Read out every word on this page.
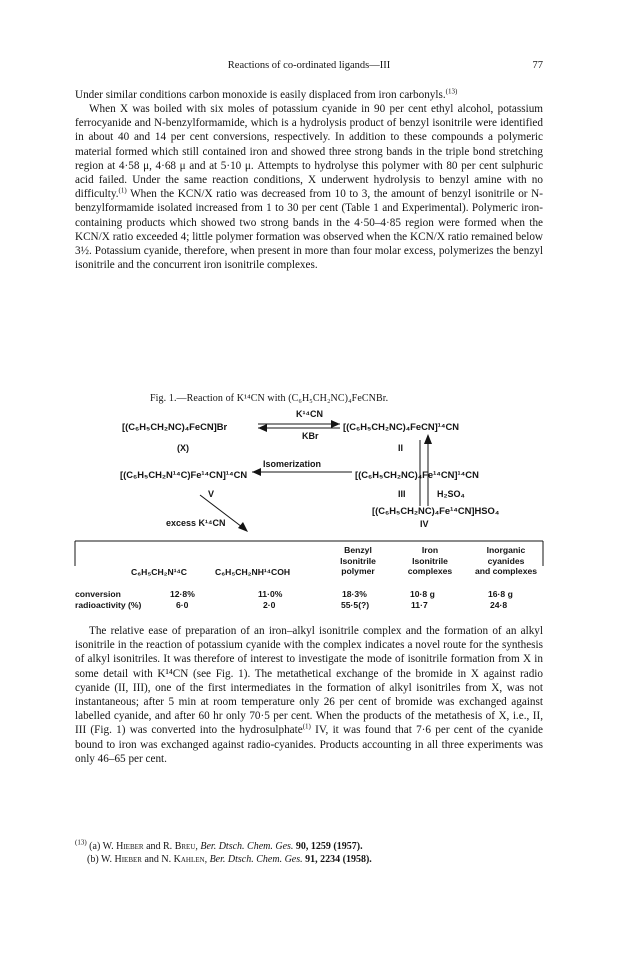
Reactions of co-ordinated ligands—III	77

Under similar conditions carbon monoxide is easily displaced from iron carbonyls.$^{(13)}$

When X was boiled with six moles of potassium cyanide in 90 per cent ethyl alcohol, potassium ferrocyanide and N-benzylformamide, which is a hydrolysis product of benzyl isonitrile were identified in about 40 and 14 per cent conversions, respectively. In addition to these compounds a polymeric material formed which still contained iron and showed three strong bands in the triple bond stretching region at 4·58 μ, 4·68 μ and at 5·10 μ. Attempts to hydrolyse this polymer with 80 per cent sulphuric acid failed. Under the same reaction conditions, X underwent hydrolysis to benzyl amine with no difficulty.$^{(1)}$ When the KCN/X ratio was decreased from 10 to 3, the amount of benzyl isonitrile or N-benzylformamide isolated increased from 1 to 30 per cent (Table 1 and Experimental). Polymeric iron-containing products which showed two strong bands in the 4·50–4·85 region were formed when the KCN/X ratio exceeded 4; little polymer formation was observed when the KCN/X ratio remained below 3½. Potassium cyanide, therefore, when present in more than four molar excess, polymerizes the benzyl isonitrile and the concurrent iron isonitrile complexes.

Fig. 1.—Reaction of K¹⁴CN with (C₆H₅CH₂NC)₄FeCNBr.
K¹⁴CN
[(C₆H₅CH₂NC)₄FeCN]Br	[(C₆H₅CH₂NC)₄FeCN]¹⁴CN
KBr
(X)	II
Isomerization
[(C₆H₅CH₂N¹⁴C)Fe¹⁴CN]¹⁴CN	[(C₆H₅CH₂NC)₄Fe¹⁴CN]¹⁴CN
V	III	H₂SO₄
[(C₆H₅CH₂NC)₄Fe¹⁴CN]HSO₄
IV
excess K¹⁴CN
C₆H₅CH₂N¹⁴C	C₆H₅CH₂NH¹⁴COH
Benzyl
Isonitrile
polymer
Iron
Isonitrile
complexes
Inorganic
cyanides
and complexes
conversion	12·8%	11·0%	18·3%	10·8 g	16·8 g
radioactivity (%)	6·0	2·0	55·5(?)	11·7	24·8

The relative ease of preparation of an iron–alkyl isonitrile complex and the formation of an alkyl isonitrile in the reaction of potassium cyanide with the complex indicates a novel route for the synthesis of alkyl isonitriles. It was therefore of interest to investigate the mode of isonitrile formation from X in some detail with K¹⁴CN (see Fig. 1). The metathetical exchange of the bromide in X against radio cyanide (II, III), one of the first intermediates in the formation of alkyl isonitriles from X, was not instantaneous; after 5 min at room temperature only 26 per cent of bromide was exchanged against labelled cyanide, and after 60 hr only 70·5 per cent. When the products of the metathesis of X, i.e., II, III (Fig. 1) was converted into the hydrosulphate$^{(1)}$ IV, it was found that 7·6 per cent of the cyanide bound to iron was exchanged against radio-cyanides. Products accounting in all three experiments was only 46–65 per cent.

$^{(13)}$ (a) W. Hieber and R. Breu, Ber. Dtsch. Chem. Ges. 90, 1259 (1957).
(b) W. Hieber and N. Kahlen, Ber. Dtsch. Chem. Ges. 91, 2234 (1958).
